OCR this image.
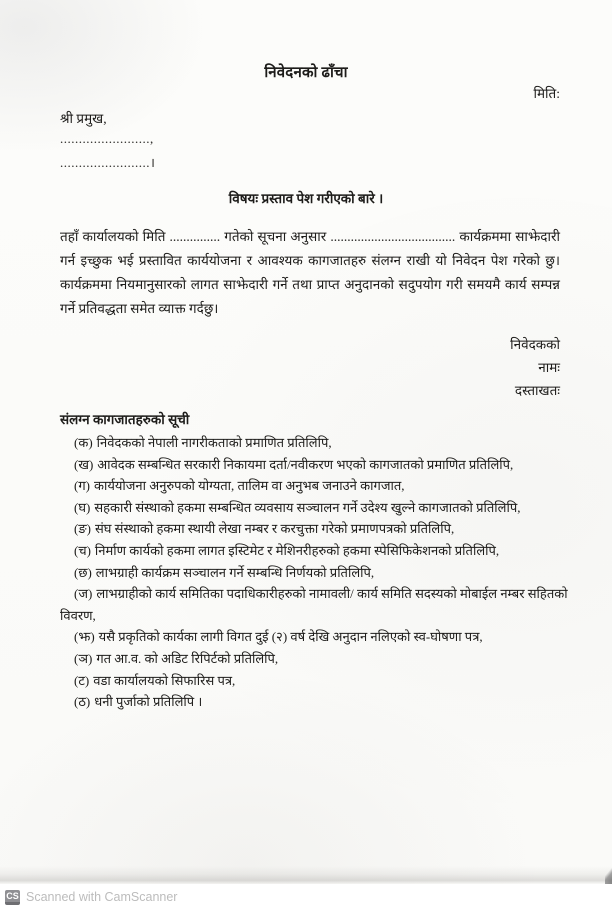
निवेदनको ढाँचा
मिति:
श्री प्रमुख,
........................,
........................।
विषयः प्रस्ताव पेश गरीएको बारे ।
तहाँ कार्यालयको मिति ............... गतेको सूचना अनुसार ..................................... कार्यक्रममा साझेदारी गर्न इच्छुक भई प्रस्तावित कार्ययोजना र आवश्यक कागजातहरु संलग्न राखी यो निवेदन पेश गरेको छु। कार्यक्रममा नियमानुसारको लागत साझेदारी गर्ने तथा प्राप्त अनुदानको सदुपयोग गरी समयमै कार्य सम्पन्न गर्ने प्रतिवद्धता समेत व्याक्त गर्दछु।
निवेदकको
नामः
दस्ताखतः
संलग्न कागजातहरुको सूची
(क) निवेदकको नेपाली नागरीकताको प्रमाणित प्रतिलिपि,
(ख) आवेदक सम्बन्धित सरकारी निकायमा दर्ता/नवीकरण भएको कागजातको प्रमाणित प्रतिलिपि,
(ग) कार्ययोजना अनुरुपको योग्यता, तालिम वा अनुभब जनाउने कागजात,
(घ) सहकारी संस्थाको हकमा सम्बन्धित व्यवसाय सञ्चालन गर्ने उदेश्य खुल्ने कागजातको प्रतिलिपि,
(ङ) संघ संस्थाको हकमा स्थायी लेखा नम्बर र करचुक्ता गरेको प्रमाणपत्रको प्रतिलिपि,
(च) निर्माण कार्यको हकमा लागत इस्टिमेट र मेशिनरीहरुको हकमा स्पेसिफिकेशनको प्रतिलिपि,
(छ) लाभग्राही कार्यक्रम सञ्चालन गर्ने सम्बन्धि निर्णयको प्रतिलिपि,
(ज) लाभग्राहीको कार्य समितिका पदाधिकारीहरुको नामावली/ कार्य समिति सदस्यको मोबाईल नम्बर सहितको विवरण,
(झ) यसै प्रकृतिको कार्यका लागी विगत दुई (२) वर्ष देखि अनुदान नलिएको स्व-घोषणा पत्र,
(ञ) गत आ.व. को अडिट रिपिर्टको प्रतिलिपि,
(ट) वडा कार्यालयको सिफारिस पत्र,
(ठ) धनी पुर्जाको प्रतिलिपि ।
CS Scanned with CamScanner
